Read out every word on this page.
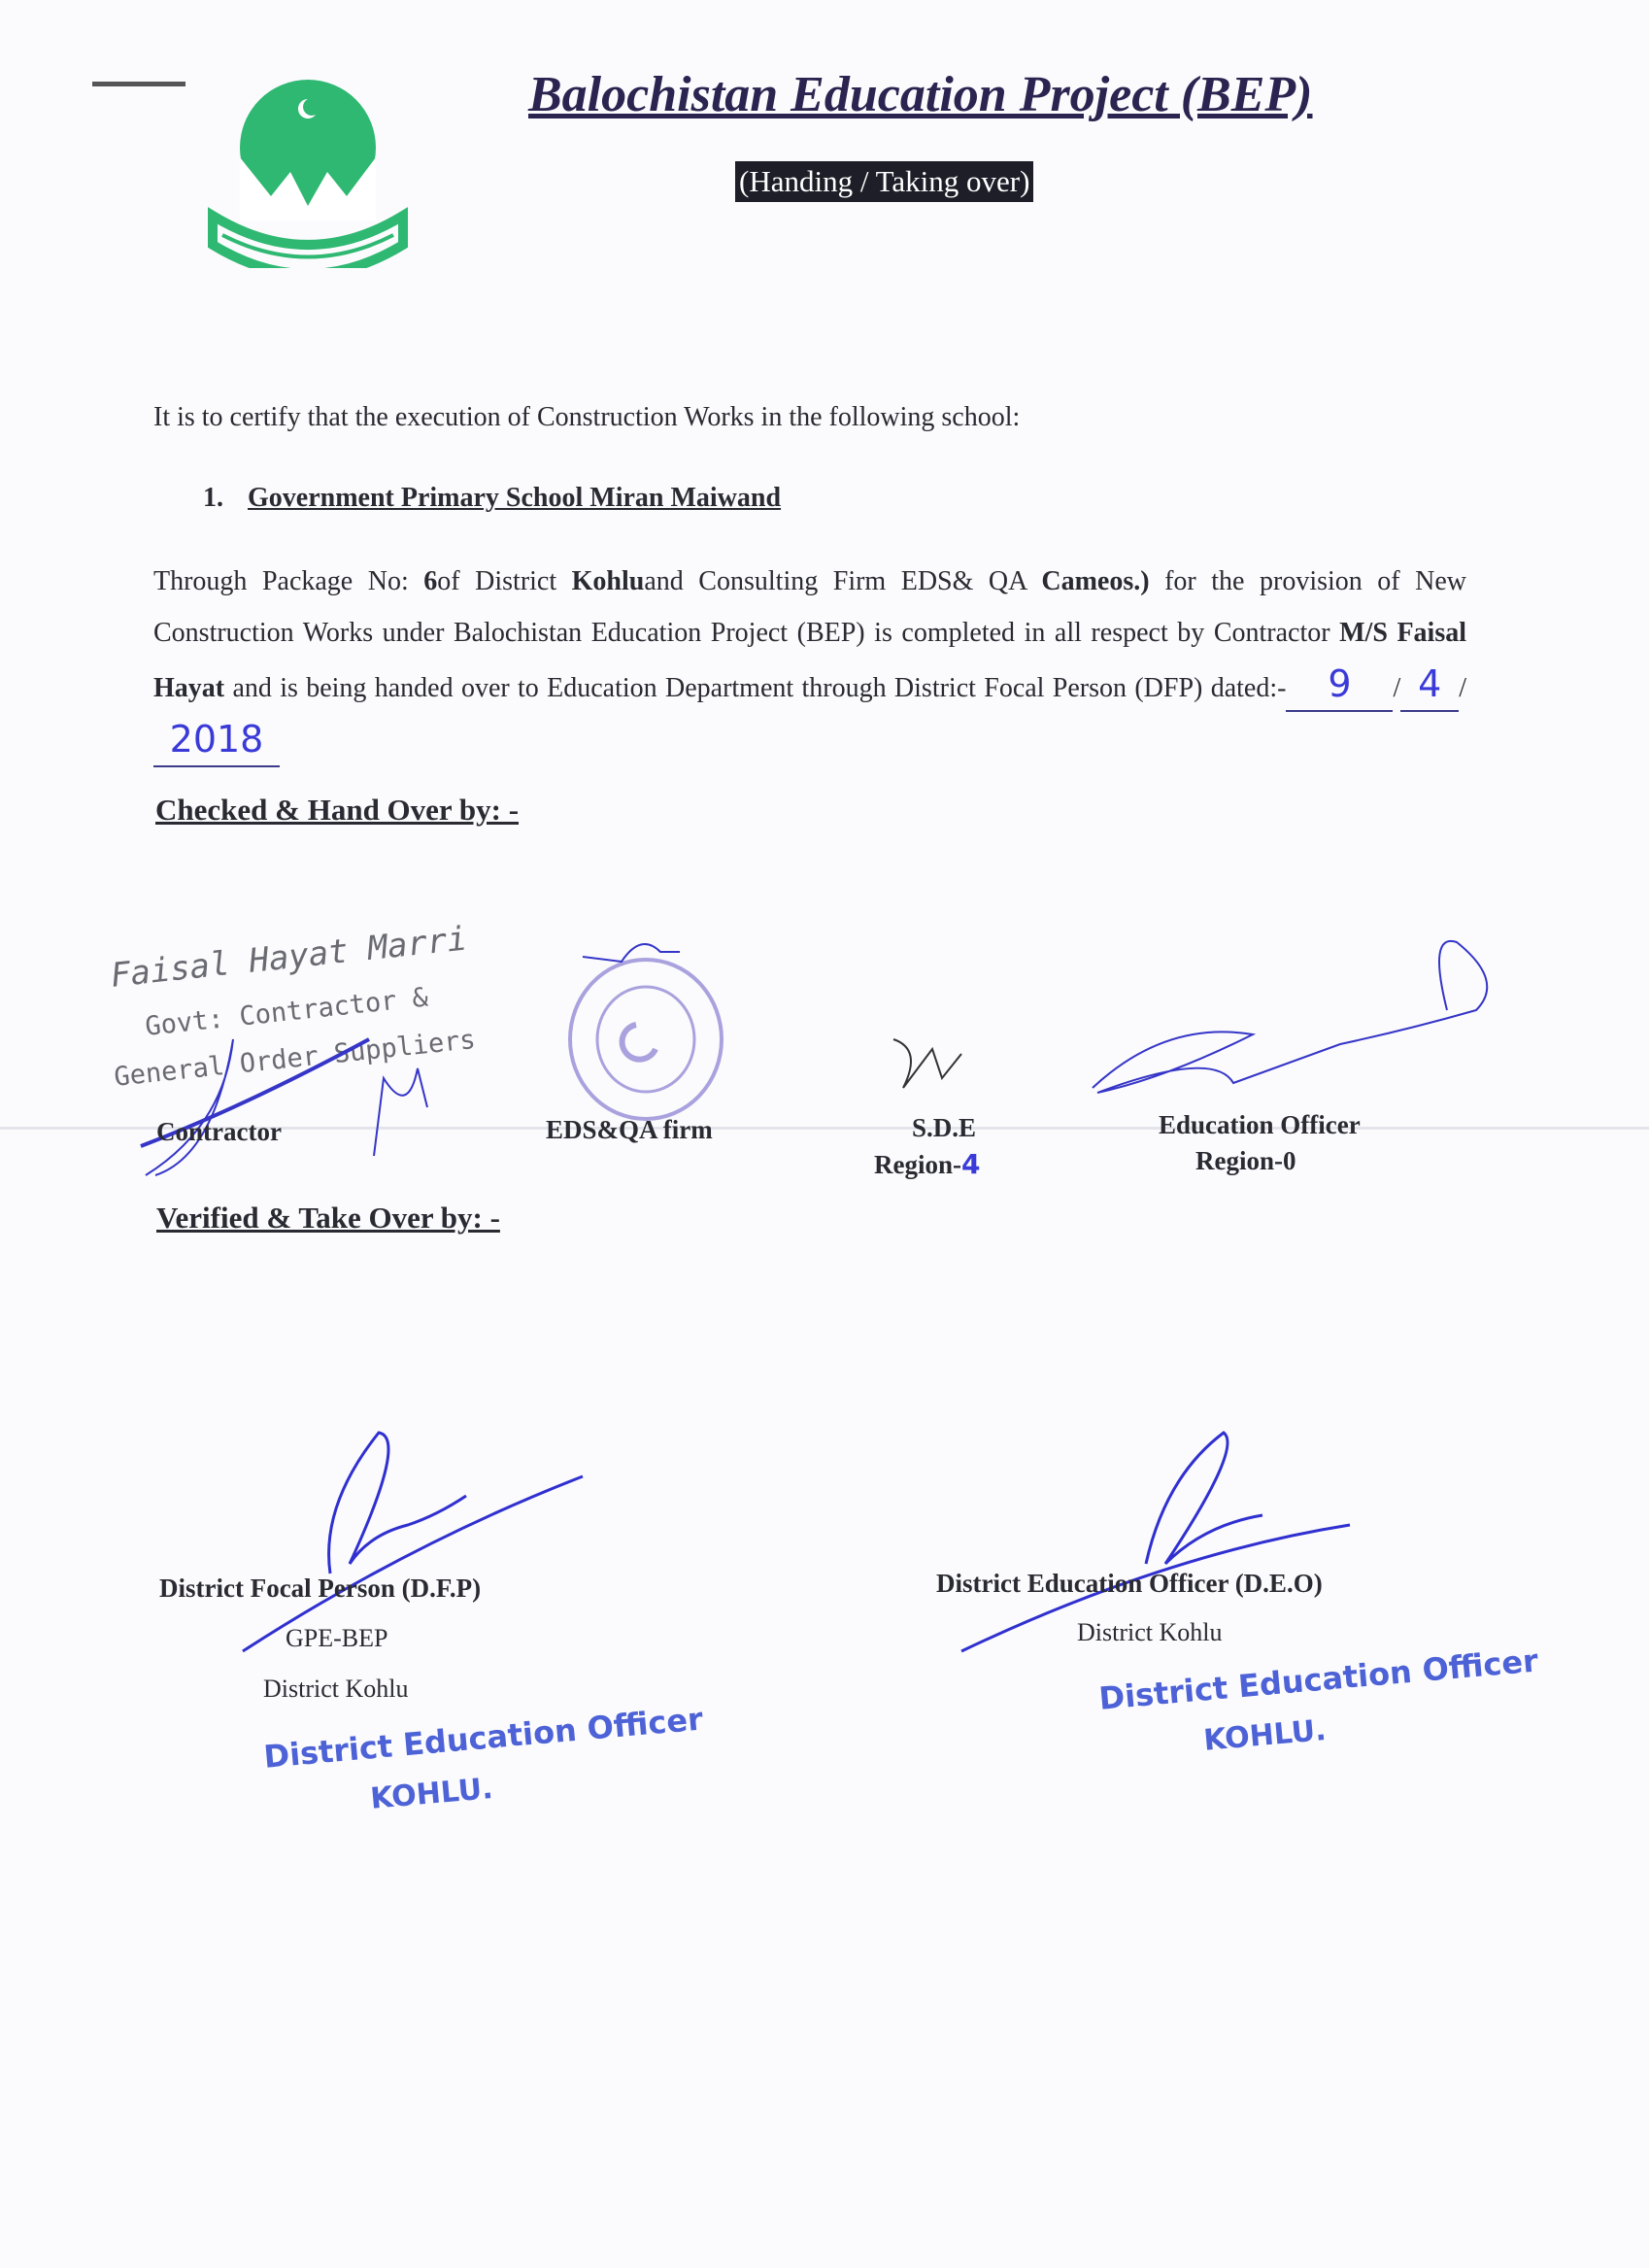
Balochistan Education Project (BEP)
(Handing / Taking over)
It is to certify that the execution of Construction Works in the following school:
1. Government Primary School Miran Maiwand
Through Package No: 6of District Kohluand Consulting Firm EDS& QA Cameos.) for the provision of New Construction Works under Balochistan Education Project (BEP) is completed in all respect by Contractor M/S Faisal Hayat and is being handed over to Education Department through District Focal Person (DFP) dated:- 9 / 4 /2018
Checked & Hand Over by: -
Faisal Hayat Marri
Govt: Contractor &
General Order Suppliers
Contractor	EDS&QA firm	S.D.E
Region-4
Education Officer
Region-0
Verified & Take Over by: -
District Focal Person (D.F.P)
GPE-BEP
District Kohlu
District Education Officer
KOHLU.
District Education Officer (D.E.O)
District Kohlu
District Education Officer
KOHLU.
